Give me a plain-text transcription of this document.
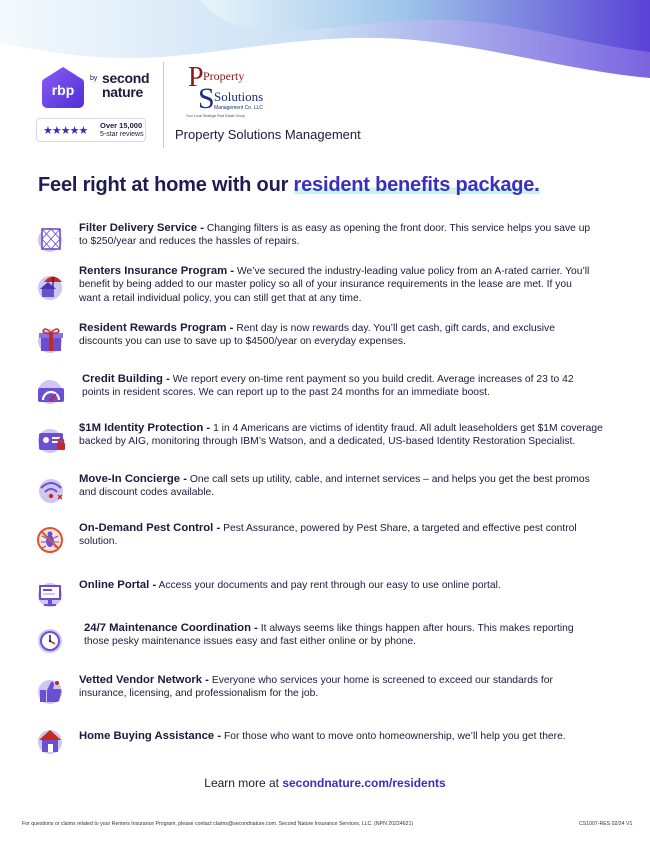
rbp
by second
nature
★★★★★ Over 15,000
5-star reviews
P Property
S Solutions
Management Co. LLC
Your Local Strategic Real Estate Group
Property Solutions Management
Feel right at home with our resident benefits package.
Filter Delivery Service - Changing filters is as easy as opening the front door. This service helps you save up
to $250/year and reduces the hassles of repairs.
Renters Insurance Program - We’ve secured the industry-leading value policy from an A-rated carrier. You’ll
benefit by being added to our master policy so all of your insurance requirements in the lease are met. If you
want a retail individual policy, you can still get that at any time.
Resident Rewards Program - Rent day is now rewards day. You’ll get cash, gift cards, and exclusive
discounts you can use to save up to $4500/year on everyday expenses.
Credit Building - We report every on-time rent payment so you build credit. Average increases of 23 to 42
points in resident scores. We can report up to the past 24 months for an immediate boost.
$1M Identity Protection - 1 in 4 Americans are victims of identity fraud. All adult leaseholders get $1M coverage
backed by AIG, monitoring through IBM’s Watson, and a dedicated, US-based Identity Restoration Specialist.
Move-In Concierge - One call sets up utility, cable, and internet services – and helps you get the best promos
and discount codes available.
On-Demand Pest Control - Pest Assurance, powered by Pest Share, a targeted and effective pest control
solution.
Online Portal - Access your documents and pay rent through our easy to use online portal.
24/7 Maintenance Coordination - It always seems like things happen after hours. This makes reporting
those pesky maintenance issues easy and fast either online or by phone.
Vetted Vendor Network - Everyone who services your home is screened to exceed our standards for
insurance, licensing, and professionalism for the job.
Home Buying Assistance - For those who want to move onto homeownership, we’ll help you get there.
Learn more at secondnature.com/residents
For questions or claims related to your Renters Insurance Program, please contact claims@secondnature.com. Second Nature Insurance Services, LLC. (NPN 20224621)	CS1007-RES 02/24 V1
